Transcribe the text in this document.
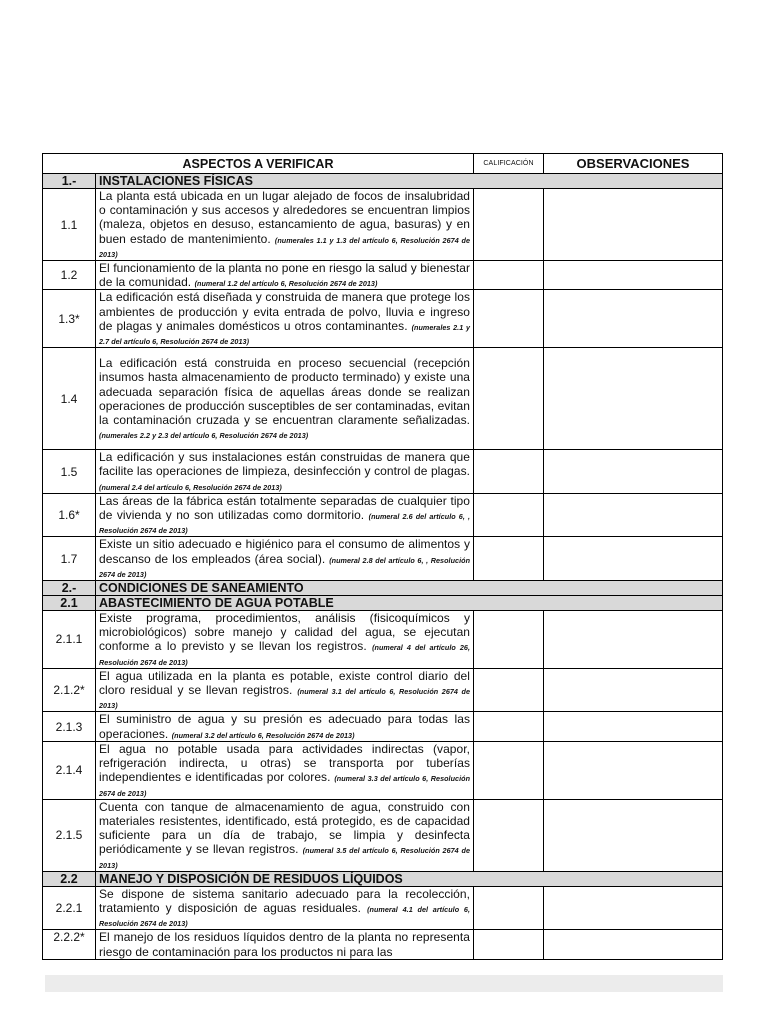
ASPECTOS A VERIFICAR		CALIFICACIÓN	OBSERVACIONES
1.-	INSTALACIONES FÍSICAS		
1.1	La planta está ubicada en un lugar alejado de focos de insalubridad o contaminación y sus accesos y alrededores se encuentran limpios (maleza, objetos en desuso, estancamiento de agua, basuras) y en buen estado de mantenimiento. (numerales 1.1 y 1.3 del artículo 6, Resolución 2674 de 2013)		
1.2	El funcionamiento de la planta no pone en riesgo la salud y bienestar de la comunidad. (numeral 1.2 del artículo 6, Resolución 2674 de 2013)		
1.3*	La edificación está diseñada y construida de manera que protege los ambientes de producción y evita entrada de polvo, lluvia e ingreso de plagas y animales domésticos u otros contaminantes. (numerales 2.1 y 2.7 del artículo 6, Resolución 2674 de 2013)		
1.4	La edificación está construida en proceso secuencial (recepción insumos hasta almacenamiento de producto terminado) y existe una adecuada separación física de aquellas áreas donde se realizan operaciones de producción susceptibles de ser contaminadas, evitan la contaminación cruzada y se encuentran claramente señalizadas. (numerales 2.2 y 2.3 del artículo 6, Resolución 2674 de 2013)		
1.5	La edificación y sus instalaciones están construidas de manera que facilite las operaciones de limpieza, desinfección y control de plagas. (numeral 2.4 del artículo 6, Resolución 2674 de 2013)		
1.6*	Las áreas de la fábrica están totalmente separadas de cualquier tipo de vivienda y no son utilizadas como dormitorio. (numeral 2.6 del artículo 6, , Resolución 2674 de 2013)		
1.7	Existe un sitio adecuado e higiénico para el consumo de alimentos y descanso de los empleados (área social). (numeral 2.8 del artículo 6, , Resolución 2674 de 2013)		
2.-	CONDICIONES DE SANEAMIENTO		
2.1	ABASTECIMIENTO DE AGUA POTABLE		
2.1.1	Existe programa, procedimientos, análisis (fisicoquímicos y microbiológicos) sobre manejo y calidad del agua, se ejecutan conforme a lo previsto y se llevan los registros. (numeral 4 del artículo 26, Resolución 2674 de 2013)		
2.1.2*	El agua utilizada en la planta es potable, existe control diario del cloro residual y se llevan registros. (numeral 3.1 del artículo 6, Resolución 2674 de 2013)		
2.1.3	El suministro de agua y su presión es adecuado para todas las operaciones. (numeral 3.2 del artículo 6, Resolución 2674 de 2013)		
2.1.4	El agua no potable usada para actividades indirectas (vapor, refrigeración indirecta, u otras) se transporta por tuberías independientes e identificadas por colores. (numeral 3.3 del artículo 6, Resolución 2674 de 2013)		
2.1.5	Cuenta con tanque de almacenamiento de agua, construido con materiales resistentes, identificado, está protegido, es de capacidad suficiente para un día de trabajo, se limpia y desinfecta periódicamente y se llevan registros. (numeral 3.5 del artículo 6, Resolución 2674 de 2013)		
2.2	MANEJO Y DISPOSICIÓN DE RESIDUOS LÍQUIDOS		
2.2.1	Se dispone de sistema sanitario adecuado para la recolección, tratamiento y disposición de aguas residuales. (numeral 4.1 del artículo 6, Resolución 2674 de 2013)		
2.2.2*	El manejo de los residuos líquidos dentro de la planta no representa riesgo de contaminación para los productos ni para las		
